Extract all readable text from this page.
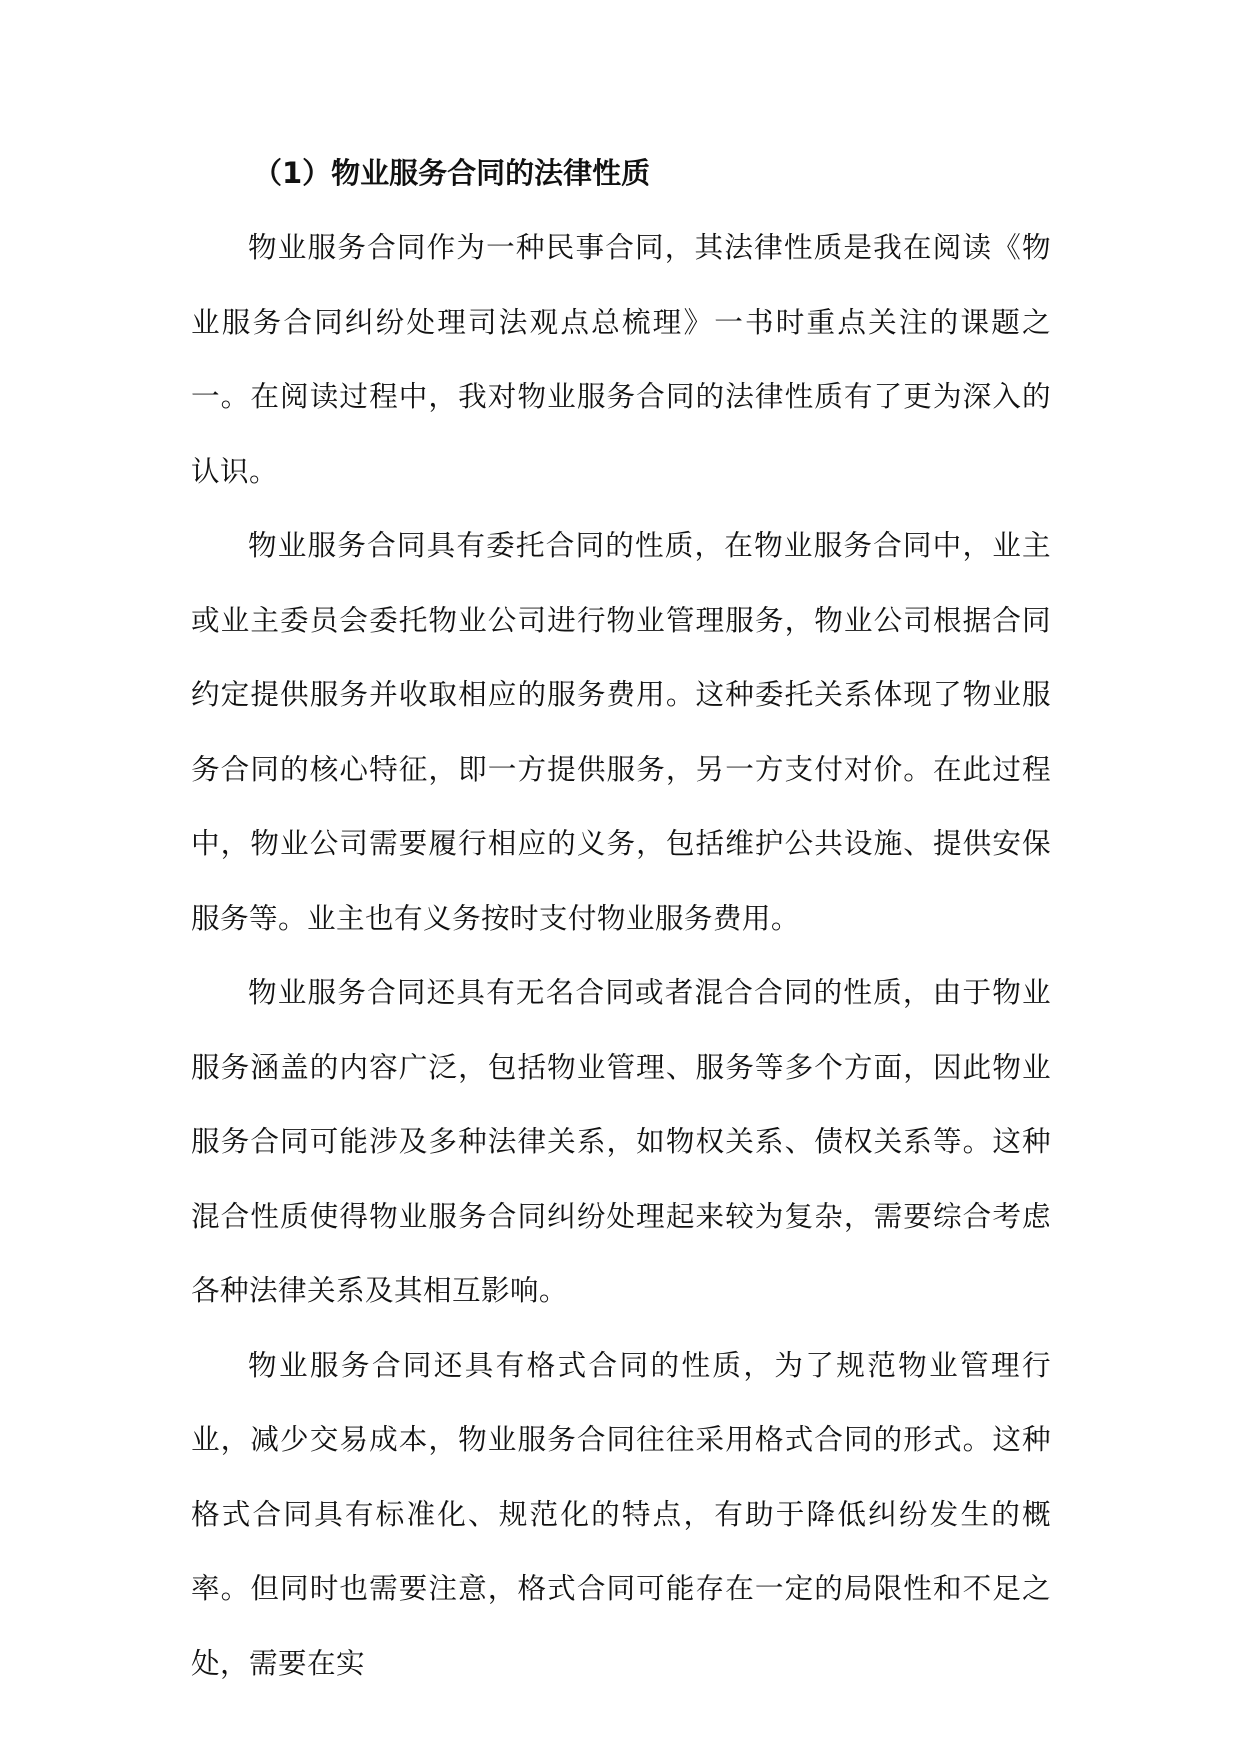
（1）物业服务合同的法律性质

物业服务合同作为一种民事合同，其法律性质是我在阅读《物业服务合同纠纷处理司法观点总梳理》一书时重点关注的课题之一。在阅读过程中，我对物业服务合同的法律性质有了更为深入的认识。

物业服务合同具有委托合同的性质，在物业服务合同中，业主或业主委员会委托物业公司进行物业管理服务，物业公司根据合同约定提供服务并收取相应的服务费用。这种委托关系体现了物业服务合同的核心特征，即一方提供服务，另一方支付对价。在此过程中，物业公司需要履行相应的义务，包括维护公共设施、提供安保服务等。业主也有义务按时支付物业服务费用。

物业服务合同还具有无名合同或者混合合同的性质，由于物业服务涵盖的内容广泛，包括物业管理、服务等多个方面，因此物业服务合同可能涉及多种法律关系，如物权关系、债权关系等。这种混合性质使得物业服务合同纠纷处理起来较为复杂，需要综合考虑各种法律关系及其相互影响。

物业服务合同还具有格式合同的性质，为了规范物业管理行业，减少交易成本，物业服务合同往往采用格式合同的形式。这种格式合同具有标准化、规范化的特点，有助于降低纠纷发生的概率。但同时也需要注意，格式合同可能存在一定的局限性和不足之处，需要在实
